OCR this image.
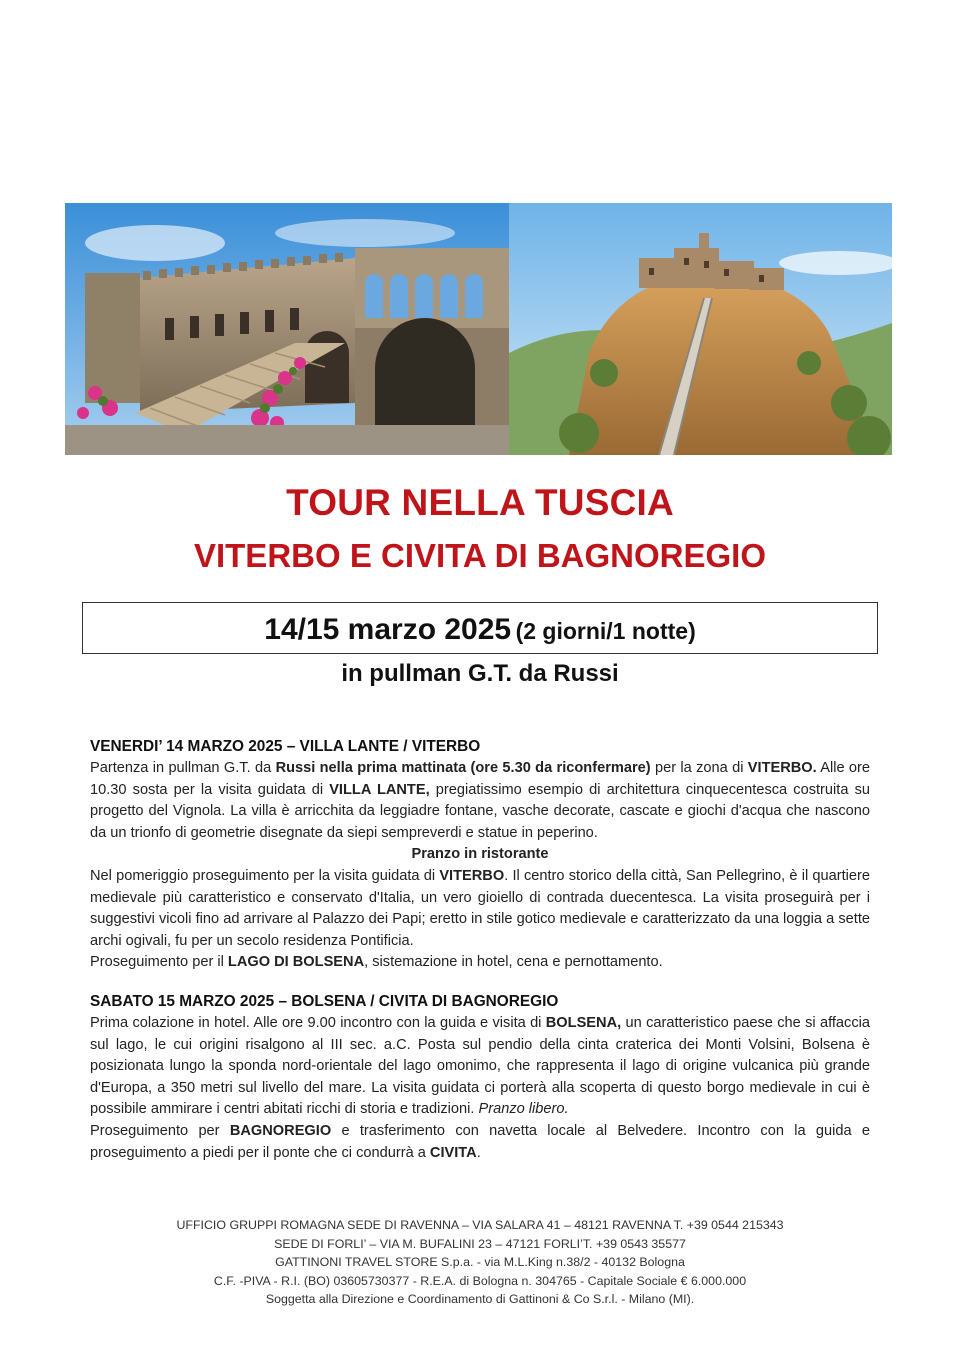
TOUR NELLA TUSCIA
VITERBO E CIVITA DI BAGNOREGIO
14/15 marzo 2025 (2 giorni/1 notte)
in pullman G.T. da Russi
VENERDI’ 14 MARZO 2025 – VILLA LANTE / VITERBO

Partenza in pullman G.T. da Russi nella prima mattinata (ore 5.30 da riconfermare) per la zona di VITERBO. Alle ore 10.30 sosta per la visita guidata di VILLA LANTE, pregiatissimo esempio di architettura cinquecentesca costruita su progetto del Vignola. La villa è arricchita da leggiadre fontane, vasche decorate, cascate e giochi d'acqua che nascono da un trionfo di geometrie disegnate da siepi sempreverdi e statue in peperino.

Pranzo in ristorante

Nel pomeriggio proseguimento per la visita guidata di VITERBO. Il centro storico della città, San Pellegrino, è il quartiere medievale più caratteristico e conservato d'Italia, un vero gioiello di contrada duecentesca. La visita proseguirà per i suggestivi vicoli fino ad arrivare al Palazzo dei Papi; eretto in stile gotico medievale e caratterizzato da una loggia a sette archi ogivali, fu per un secolo residenza Pontificia.

Proseguimento per il LAGO DI BOLSENA, sistemazione in hotel, cena e pernottamento.

SABATO 15 MARZO 2025 – BOLSENA / CIVITA DI BAGNOREGIO

Prima colazione in hotel. Alle ore 9.00 incontro con la guida e visita di BOLSENA, un caratteristico paese che si affaccia sul lago, le cui origini risalgono al III sec. a.C. Posta sul pendio della cinta craterica dei Monti Volsini, Bolsena è posizionata lungo la sponda nord-orientale del lago omonimo, che rappresenta il lago di origine vulcanica più grande d'Europa, a 350 metri sul livello del mare. La visita guidata ci porterà alla scoperta di questo borgo medievale in cui è possibile ammirare i centri abitati ricchi di storia e tradizioni. Pranzo libero.

Proseguimento per BAGNOREGIO e trasferimento con navetta locale al Belvedere. Incontro con la guida e proseguimento a piedi per il ponte che ci condurrà a CIVITA.

UFFICIO GRUPPI ROMAGNA SEDE DI RAVENNA – VIA SALARA 41 – 48121 RAVENNA T. +39 0544 215343
SEDE DI FORLI’ – VIA M. BUFALINI 23 – 47121 FORLI’T. +39 0543 35577
GATTINONI TRAVEL STORE S.p.a. - via M.L.King n.38/2 - 40132 Bologna
C.F. -PIVA - R.I. (BO) 03605730377 - R.E.A. di Bologna n. 304765 - Capitale Sociale € 6.000.000
Soggetta alla Direzione e Coordinamento di Gattinoni & Co S.r.l. - Milano (MI).
